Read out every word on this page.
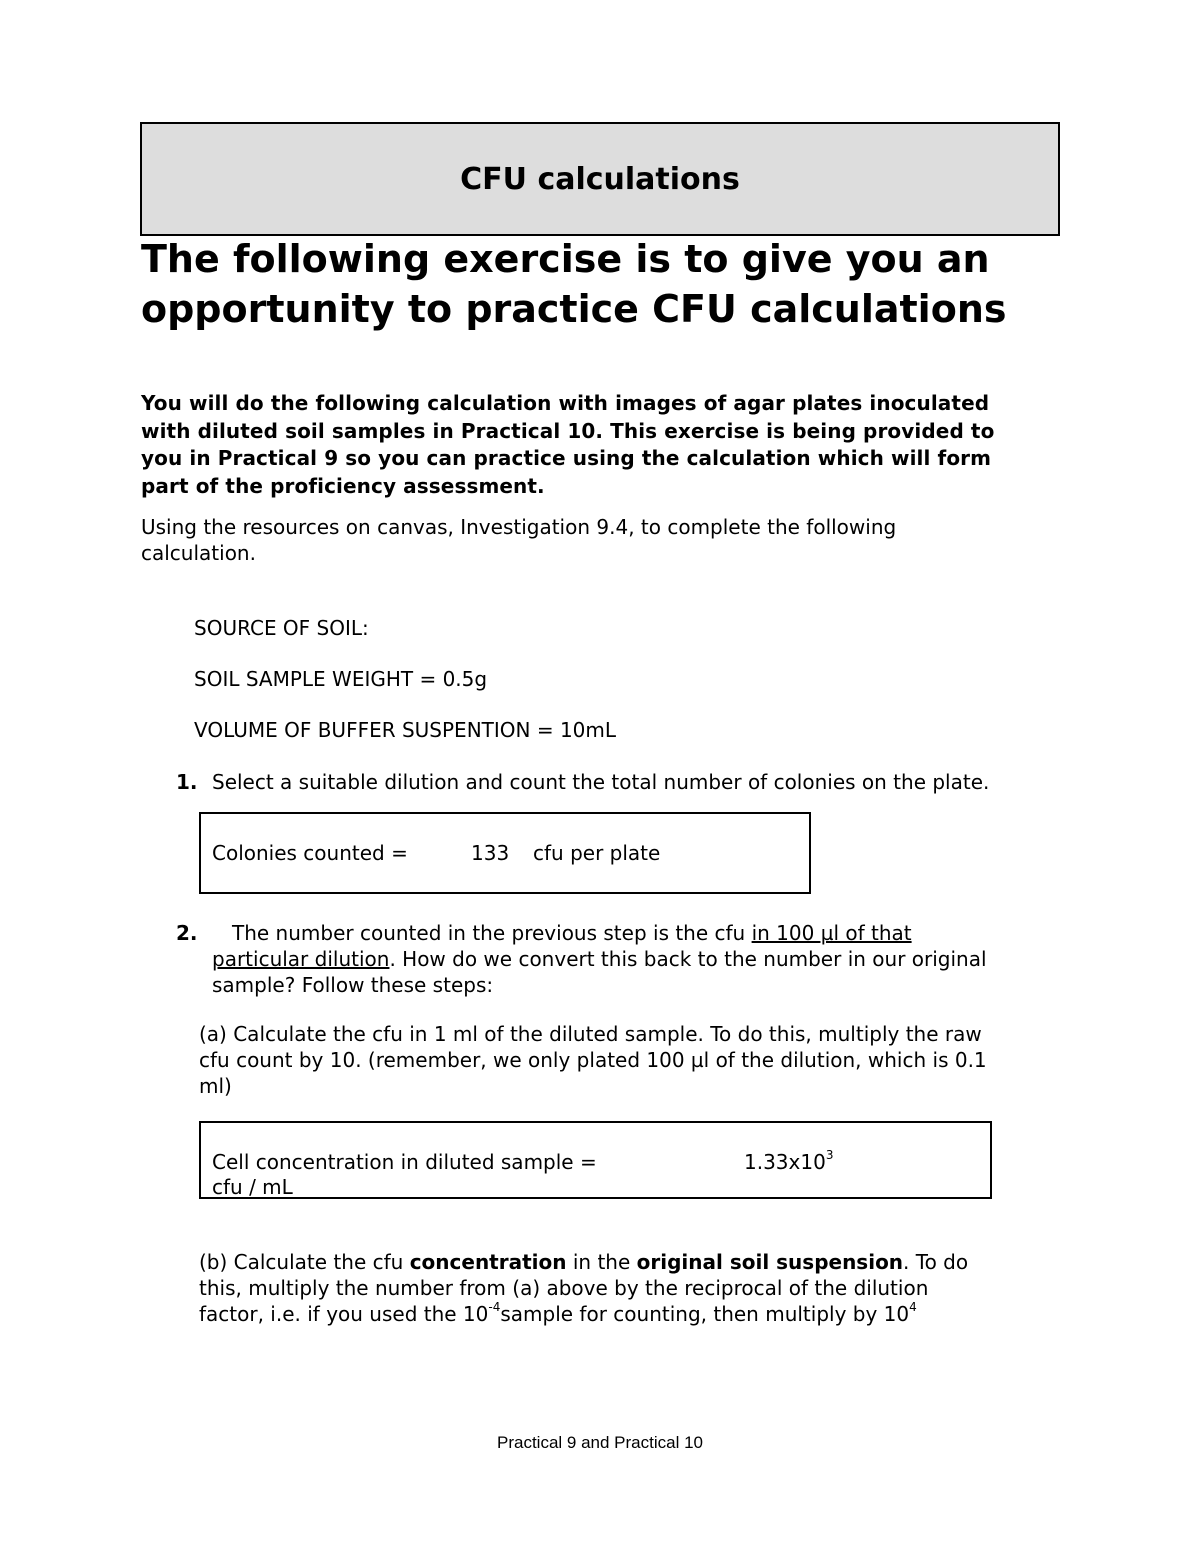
CFU calculations
The following exercise is to give you an
opportunity to practice CFU calculations

You will do the following calculation with images of agar plates inoculated
with diluted soil samples in Practical 10. This exercise is being provided to
you in Practical 9 so you can practice using the calculation which will form
part of the proficiency assessment.

Using the resources on canvas, Investigation 9.4, to complete the following
calculation.

SOURCE OF SOIL:

SOIL SAMPLE WEIGHT = 0.5g

VOLUME OF BUFFER SUSPENTION = 10mL

1. Select a suitable dilution and count the total number of colonies on the plate.

Colonies counted =	133 cfu per plate
2.	The number counted in the previous step is the cfu in 100 µl of that
particular dilution. How do we convert this back to the number in our original
sample? Follow these steps:

(a) Calculate the cfu in 1 ml of the diluted sample. To do this, multiply the raw
cfu count by 10. (remember, we only plated 100 µl of the dilution, which is 0.1
ml)

Cell concentration in diluted sample =	$1.33x10^3$
cfu / mL

(b) Calculate the cfu concentration in the original soil suspension. To do
this, multiply the number from (a) above by the reciprocal of the dilution
factor, i.e. if you used the $10^{-4}sample$ for counting, then multiply by $10^4$

Practical 9 and Practical 10
